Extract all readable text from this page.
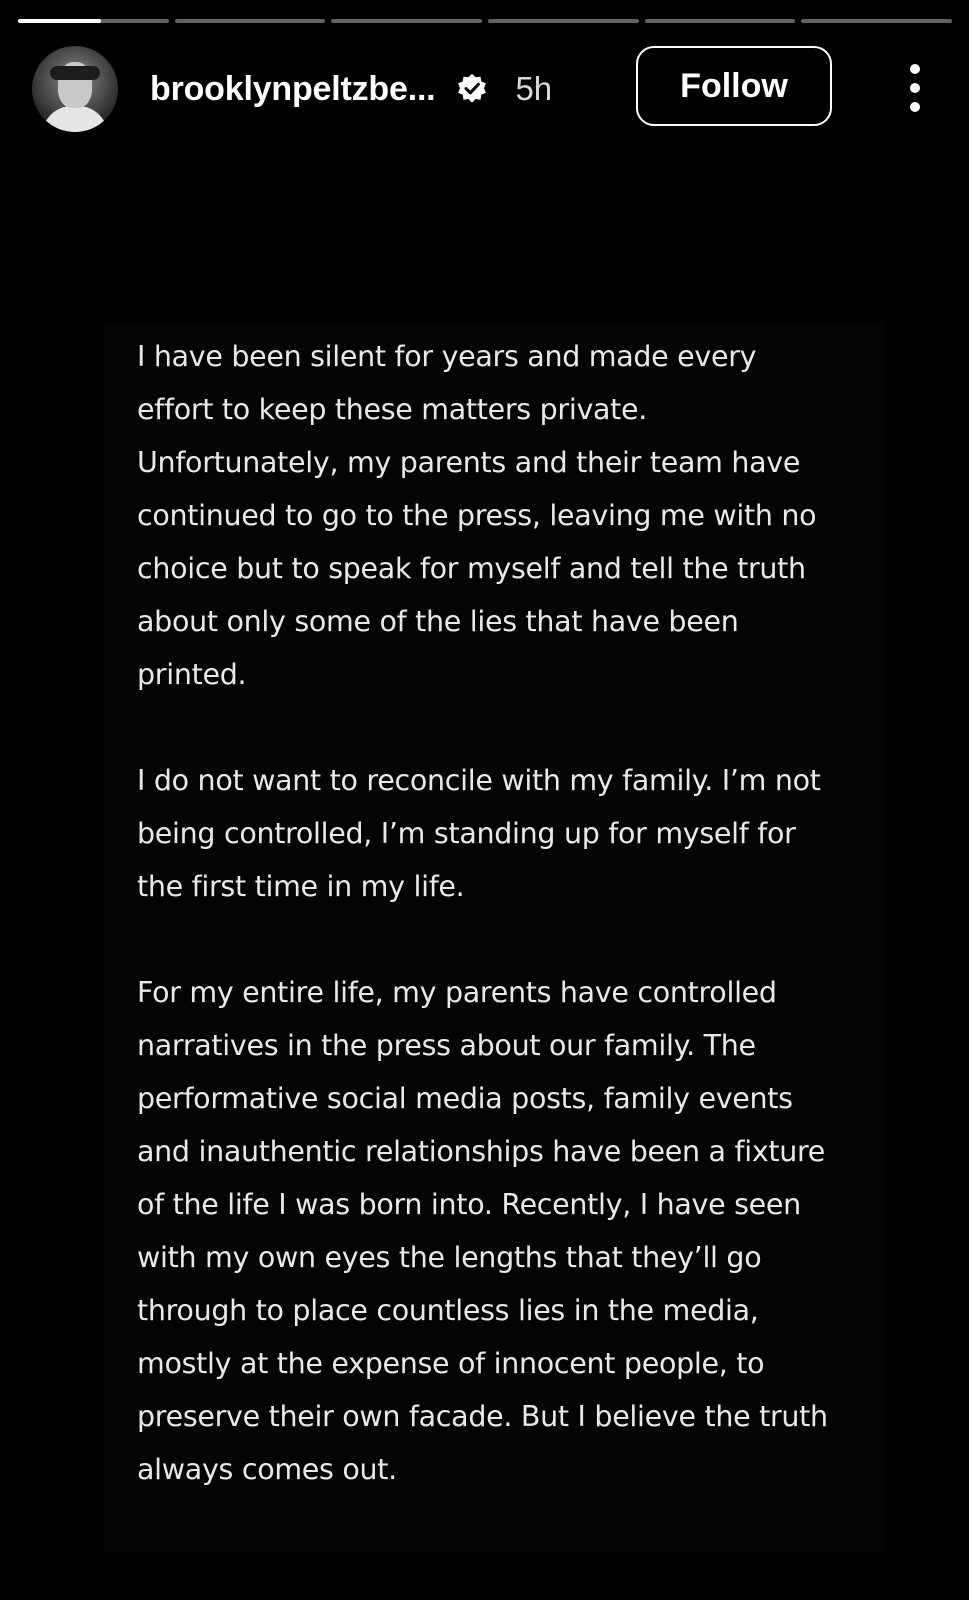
brooklynpeltzbe... 5h	Follow

I have been silent for years and made every effort to keep these matters private. Unfortunately, my parents and their team have continued to go to the press, leaving me with no choice but to speak for myself and tell the truth about only some of the lies that have been printed.

I do not want to reconcile with my family. I’m not being controlled, I’m standing up for myself for the first time in my life.

For my entire life, my parents have controlled narratives in the press about our family. The performative social media posts, family events and inauthentic relationships have been a fixture of the life I was born into. Recently, I have seen with my own eyes the lengths that they’ll go through to place countless lies in the media, mostly at the expense of innocent people, to preserve their own facade. But I believe the truth always comes out.
